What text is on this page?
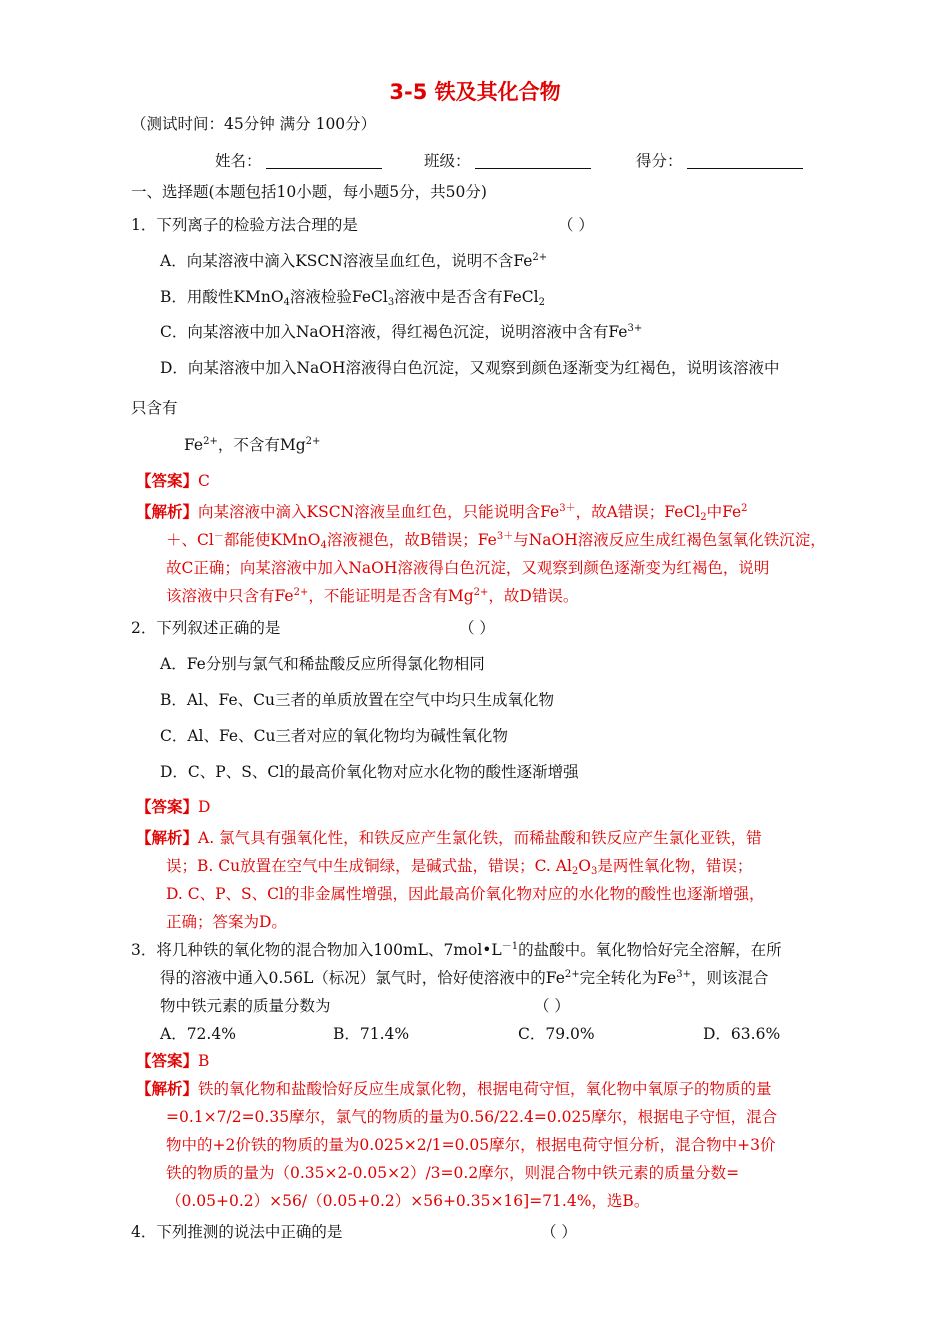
3-5 铁及其化合物
（测试时间：45分钟 满分 100分）
姓名：	班级：	得分：
一、选择题(本题包括10小题，每小题5分，共50分)
1．下列离子的检验方法合理的是	（ ）
A．向某溶液中滴入KSCN溶液呈血红色，说明不含$Fe^{2+}$
B．用酸性KMnO$_4$溶液检验FeCl$_3$溶液中是否含有FeCl$_2$
C．向某溶液中加入NaOH溶液，得红褐色沉淀，说明溶液中含有$Fe^{3+}$
D．向某溶液中加入NaOH溶液得白色沉淀，又观察到颜色逐渐变为红褐色，说明该溶液中
只含有
$Fe^{2+}$，不含有$Mg^{2+}$
【答案】C
【解析】向某溶液中滴入KSCN溶液呈血红色，只能说明含$Fe^{3+}$，故A错误；FeCl$_2$中$Fe^2$
＋、Cl－都能使KMnO$_4$溶液褪色，故B错误；$Fe^{3+}$与NaOH溶液反应生成红褐色氢氧化铁沉淀，
故C正确；向某溶液中加入NaOH溶液得白色沉淀，又观察到颜色逐渐变为红褐色，说明
该溶液中只含有$Fe^{2+}$，不能证明是否含有$Mg^{2+}$，故D错误。
2．下列叙述正确的是	（ ）
A．Fe分别与氯气和稀盐酸反应所得氯化物相同
B．Al、Fe、Cu三者的单质放置在空气中均只生成氧化物
C．Al、Fe、Cu三者对应的氧化物均为碱性氧化物
D．C、P、S、Cl的最高价氧化物对应水化物的酸性逐渐增强
【答案】D
【解析】A. 氯气具有强氧化性，和铁反应产生氯化铁，而稀盐酸和铁反应产生氯化亚铁，错
误；B. Cu放置在空气中生成铜绿，是碱式盐，错误；C. $Al_2O_3$是两性氧化物，错误；
D. C、P、S、Cl的非金属性增强，因此最高价氧化物对应的水化物的酸性也逐渐增强，
正确；答案为D。
3．将几种铁的氧化物的混合物加入100mL、$7mol•L^{-1}$的盐酸中。氧化物恰好完全溶解，在所
得的溶液中通入0.56L（标况）氯气时，恰好使溶液中的$Fe^{2+}$完全转化为$Fe^{3+}$，则该混合
物中铁元素的质量分数为	（ ）
A．72.4%	B．71.4%	C．79.0%	D．63.6%
【答案】B
【解析】铁的氧化物和盐酸恰好反应生成氯化物，根据电荷守恒，氧化物中氧原子的物质的量
=0.1×7/2=0.35摩尔，氯气的物质的量为0.56/22.4=0.025摩尔，根据电子守恒，混合
物中的+2价铁的物质的量为0.025×2/1=0.05摩尔，根据电荷守恒分析，混合物中+3价
铁的物质的量为（0.35×2-0.05×2）/3=0.2摩尔，则混合物中铁元素的质量分数=
（0.05+0.2）×56/（0.05+0.2）×56+0.35×16]=71.4%，选B。
4．下列推测的说法中正确的是	（ ）
